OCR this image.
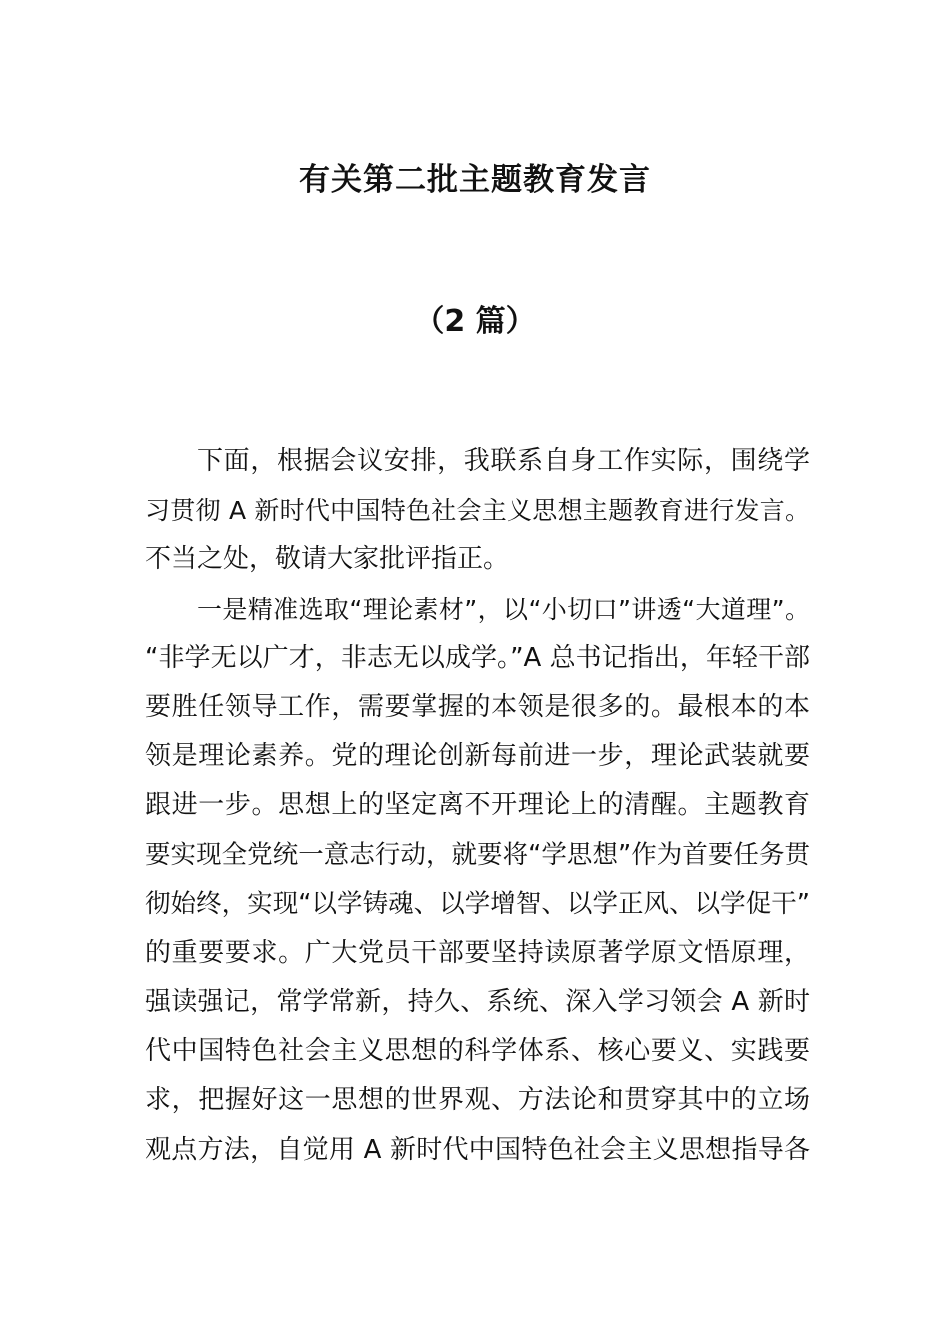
有关第二批主题教育发言
（2 篇）
下面，根据会议安排，我联系自身工作实际，围绕学
习贯彻 A 新时代中国特色社会主义思想主题教育进行发言。
不当之处，敬请大家批评指正。
一是精准选取“理论素材”，以“小切口”讲透“大道理”。
“非学无以广才，非志无以成学。”A 总书记指出，年轻干部
要胜任领导工作，需要掌握的本领是很多的。最根本的本
领是理论素养。党的理论创新每前进一步，理论武装就要
跟进一步。思想上的坚定离不开理论上的清醒。主题教育
要实现全党统一意志行动，就要将“学思想”作为首要任务贯
彻始终，实现“以学铸魂、以学增智、以学正风、以学促干”
的重要要求。广大党员干部要坚持读原著学原文悟原理，
强读强记，常学常新，持久、系统、深入学习领会 A 新时
代中国特色社会主义思想的科学体系、核心要义、实践要
求，把握好这一思想的世界观、方法论和贯穿其中的立场
观点方法，自觉用 A 新时代中国特色社会主义思想指导各
